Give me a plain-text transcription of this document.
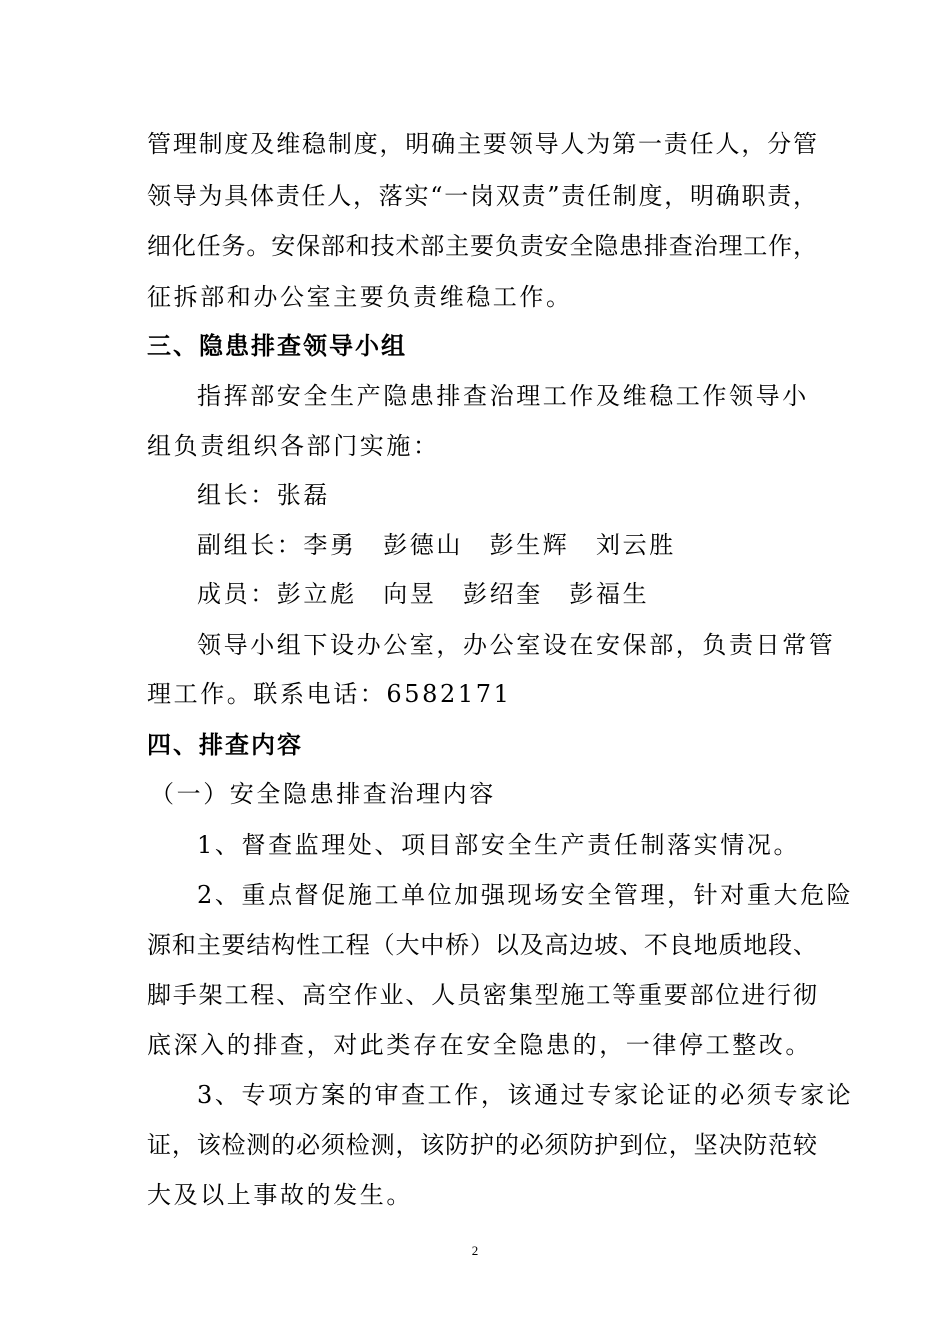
管理制度及维稳制度，明确主要领导人为第一责任人，分管
领导为具体责任人，落实“一岗双责”责任制度，明确职责，
细化任务。安保部和技术部主要负责安全隐患排查治理工作，
征拆部和办公室主要负责维稳工作。
三、隐患排查领导小组
指挥部安全生产隐患排查治理工作及维稳工作领导小
组负责组织各部门实施：
组长：张磊
副组长：李勇　彭德山　彭生辉　刘云胜
成员：彭立彪　向昱　彭绍奎　彭福生
领导小组下设办公室，办公室设在安保部，负责日常管
理工作。联系电话：6582171
四、排查内容
（一）安全隐患排查治理内容
1、督查监理处、项目部安全生产责任制落实情况。
2、重点督促施工单位加强现场安全管理，针对重大危险
源和主要结构性工程（大中桥）以及高边坡、不良地质地段、
脚手架工程、高空作业、人员密集型施工等重要部位进行彻
底深入的排查，对此类存在安全隐患的，一律停工整改。
3、专项方案的审查工作，该通过专家论证的必须专家论
证，该检测的必须检测，该防护的必须防护到位，坚决防范较
大及以上事故的发生。
2
